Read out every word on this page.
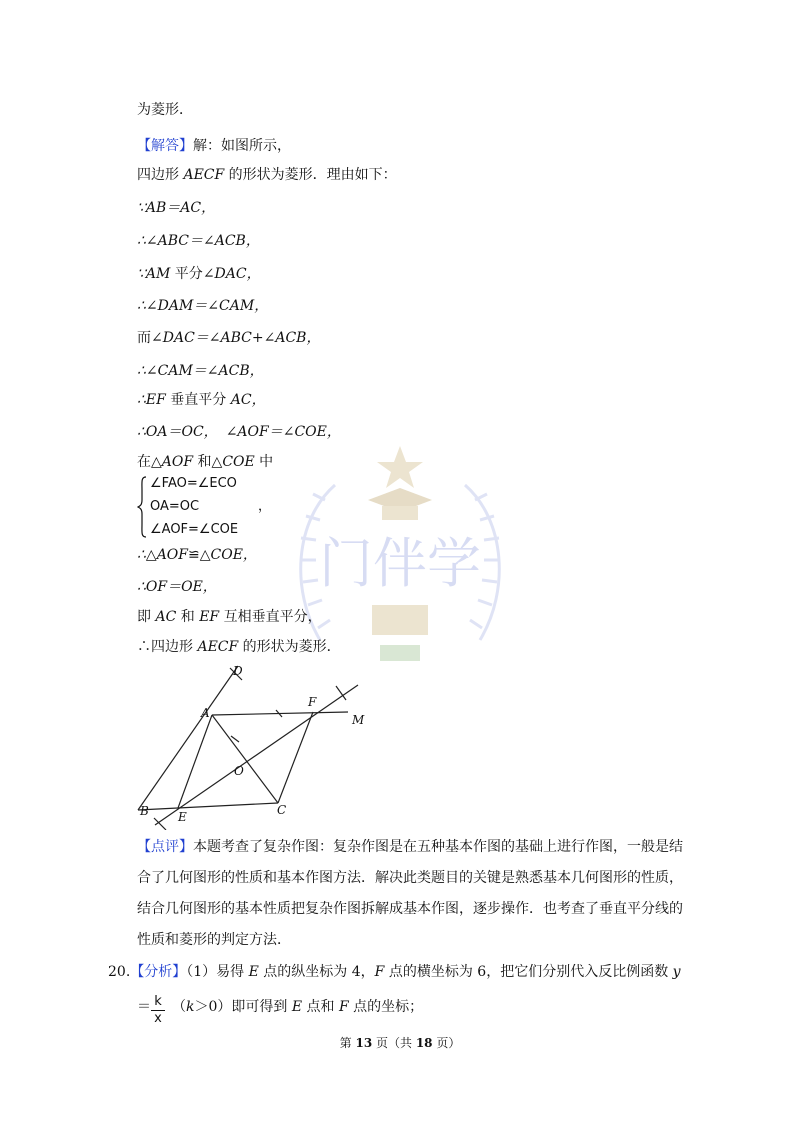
门伴学
为菱形．
【解答】解：如图所示，
四边形 AECF 的形状为菱形．理由如下：
∵AB＝AC，
∴∠ABC＝∠ACB，
∵AM 平分∠DAC，
∴∠DAM＝∠CAM，
而∠DAC＝∠ABC+∠ACB，
∴∠CAM＝∠ACB，
∴EF 垂直平分 AC，
∴OA＝OC， ∠AOF＝∠COE，
在△AOF 和△COE 中
∠FAO=∠ECO
OA=OC	，
∠AOF=∠COE
∴△AOF≌△COE，
∴OF＝OE，
即 AC 和 EF 互相垂直平分，
∴四边形 AECF 的形状为菱形．
D
A
F
M
O
B E	C
【点评】本题考查了复杂作图：复杂作图是在五种基本作图的基础上进行作图，一般是结合了几何图形的性质和基本作图方法．解决此类题目的关键是熟悉基本几何图形的性质，结合几何图形的基本性质把复杂作图拆解成基本作图，逐步操作．也考查了垂直平分线的性质和菱形的判定方法．
20.【分析】（1）易得 E 点的纵坐标为 4，F 点的横坐标为 6，把它们分别代入反比例函数 y
＝ $\frac{k}{x} (k>0)$即可得到 E 点和 F 点的坐标；
第 13 页（共 18 页）
